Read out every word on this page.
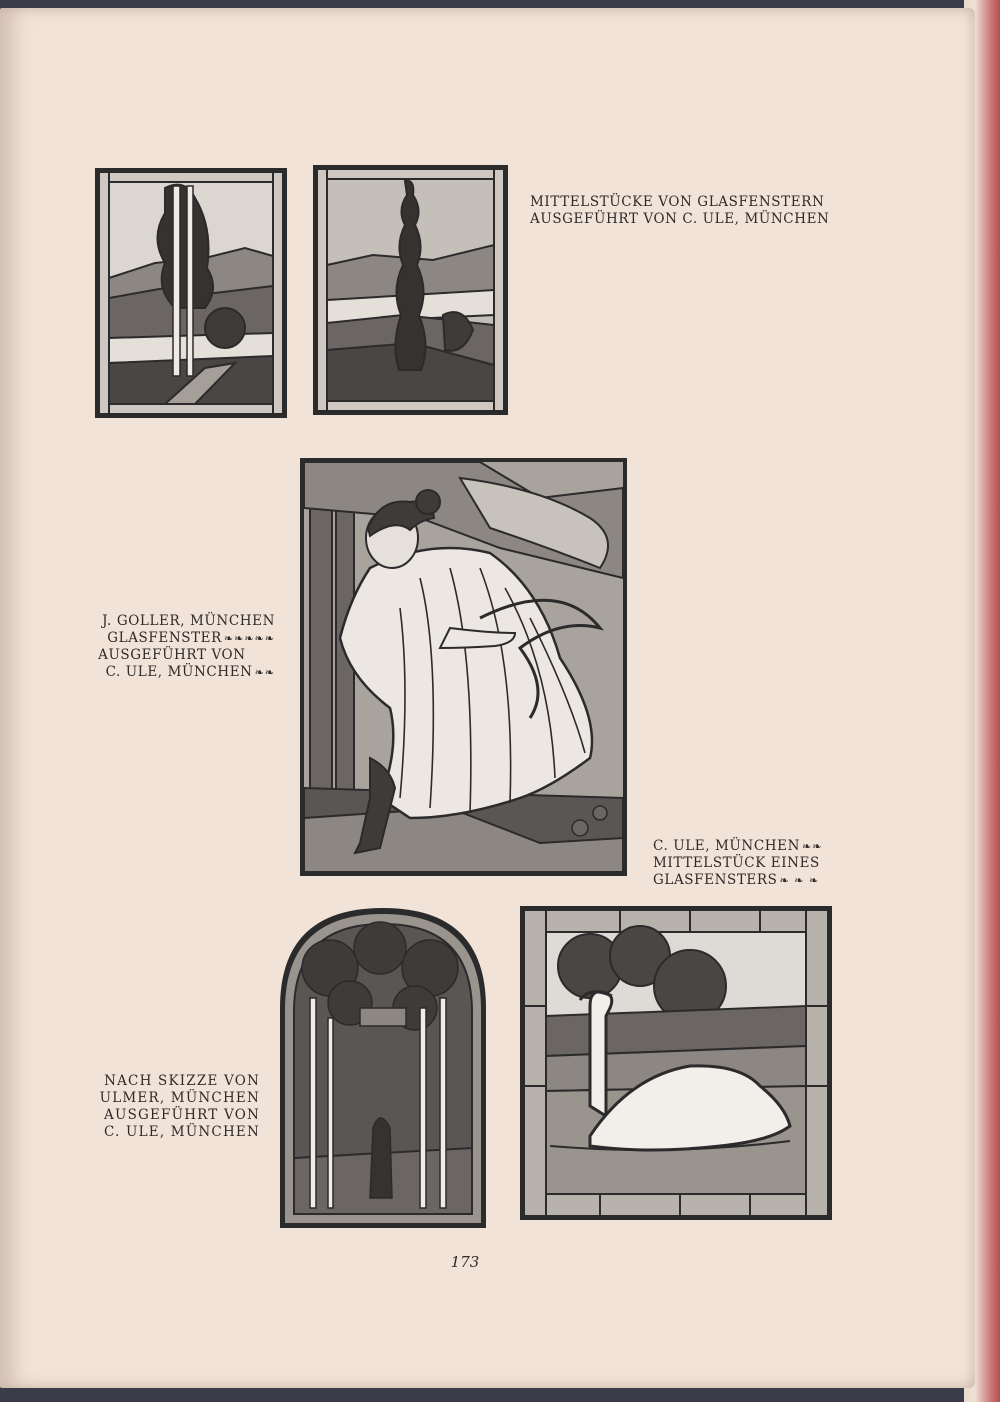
MITTELSTÜCKE VON GLASFENSTERN
AUSGEFÜHRT VON C. ULE, MÜNCHEN

J. GOLLER, MÜNCHEN
GLASFENSTER ❧❧❧❧❧
AUSGEFÜHRT VON
C. ULE, MÜNCHEN ❧❧

C. ULE, MÜNCHEN ❧❧
MITTELSTÜCK EINES
GLASFENSTERS ❧ ❧ ❧

NACH SKIZZE VON
ULMER, MÜNCHEN
AUSGEFÜHRT VON
C. ULE, MÜNCHEN

173
